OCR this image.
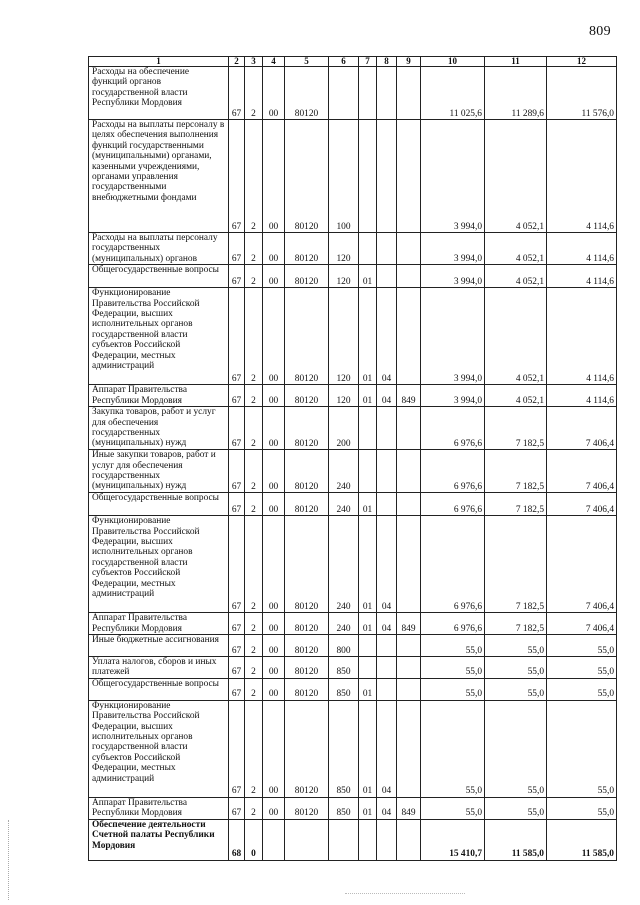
809
1	2	3	4	5	6	7	8	9	10	11	12
Расходы на обеспечение функций органов государственной власти Республики Мордовия	67	2	00	80120					11 025,6	11 289,6	11 576,0
Расходы на выплаты персоналу в целях обеспечения выполнения функций государственными (муниципальными) органами, казенными учреждениями, органами управления государственными внебюджетными фондами	67	2	00	80120	100				3 994,0	4 052,1	4 114,6
Расходы на выплаты персоналу государственных (муниципальных) органов	67	2	00	80120	120				3 994,0	4 052,1	4 114,6
Общегосударственные вопросы	67	2	00	80120	120	01			3 994,0	4 052,1	4 114,6
Функционирование Правительства Российской Федерации, высших исполнительных органов государственной власти субъектов Российской Федерации, местных администраций	67	2	00	80120	120	01	04		3 994,0	4 052,1	4 114,6
Аппарат Правительства Республики Мордовия	67	2	00	80120	120	01	04	849	3 994,0	4 052,1	4 114,6
Закупка товаров, работ и услуг для обеспечения государственных (муниципальных) нужд	67	2	00	80120	200				6 976,6	7 182,5	7 406,4
Иные закупки товаров, работ и услуг для обеспечения государственных (муниципальных) нужд	67	2	00	80120	240				6 976,6	7 182,5	7 406,4
Общегосударственные вопросы	67	2	00	80120	240	01			6 976,6	7 182,5	7 406,4
Функционирование Правительства Российской Федерации, высших исполнительных органов государственной власти субъектов Российской Федерации, местных администраций	67	2	00	80120	240	01	04		6 976,6	7 182,5	7 406,4
Аппарат Правительства Республики Мордовия	67	2	00	80120	240	01	04	849	6 976,6	7 182,5	7 406,4
Иные бюджетные ассигнования	67	2	00	80120	800				55,0	55,0	55,0
Уплата налогов, сборов и иных платежей	67	2	00	80120	850				55,0	55,0	55,0
Общегосударственные вопросы	67	2	00	80120	850	01			55,0	55,0	55,0
Функционирование Правительства Российской Федерации, высших исполнительных органов государственной власти субъектов Российской Федерации, местных администраций	67	2	00	80120	850	01	04		55,0	55,0	55,0
Аппарат Правительства Республики Мордовия	67	2	00	80120	850	01	04	849	55,0	55,0	55,0
Обеспечение деятельности Счетной палаты Республики Мордовия	68	0							15 410,7	11 585,0	11 585,0
